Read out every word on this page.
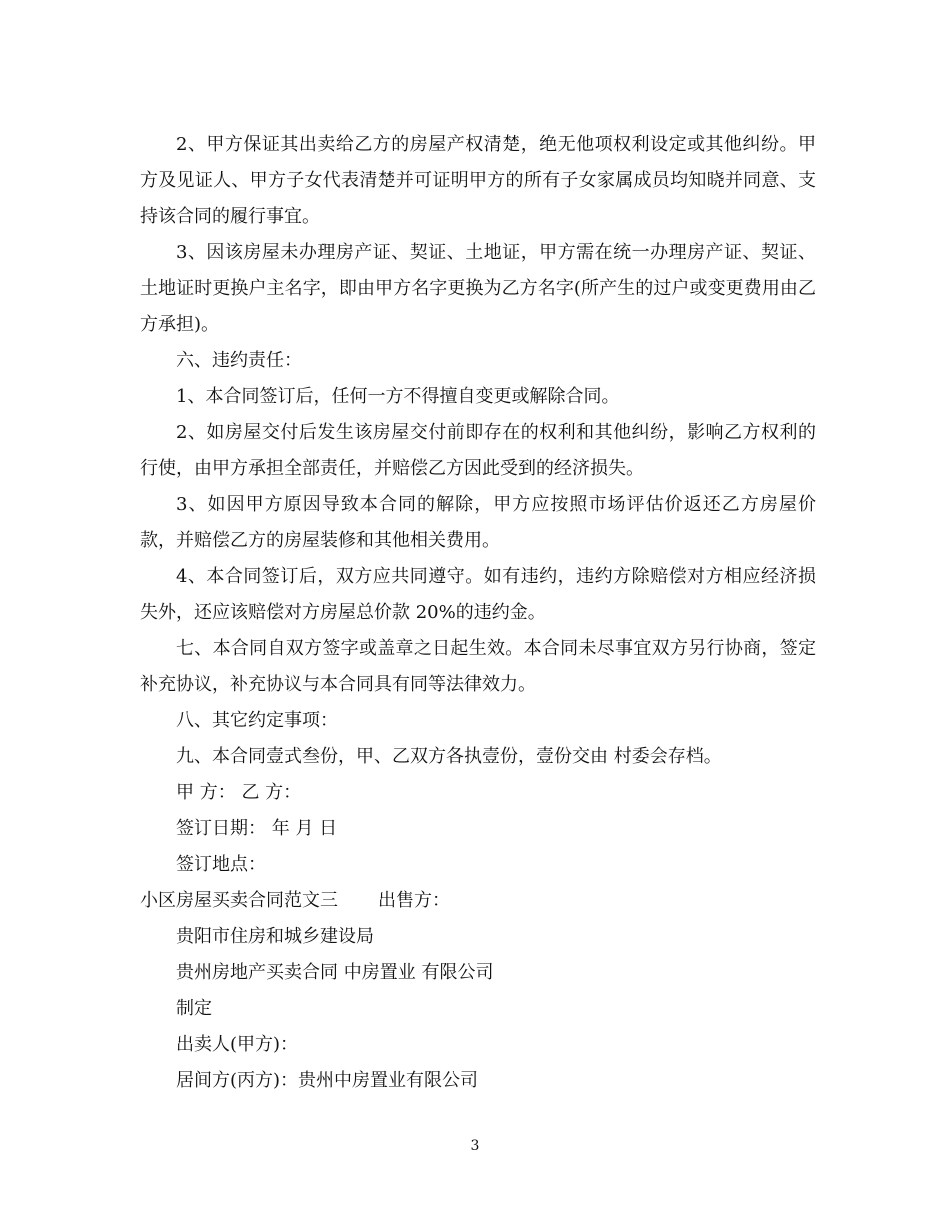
2、甲方保证其出卖给乙方的房屋产权清楚，绝无他项权利设定或其他纠纷。甲方及见证人、甲方子女代表清楚并可证明甲方的所有子女家属成员均知晓并同意、支持该合同的履行事宜。

3、因该房屋未办理房产证、契证、土地证，甲方需在统一办理房产证、契证、土地证时更换户主名字，即由甲方名字更换为乙方名字(所产生的过户或变更费用由乙方承担)。

六、违约责任：

1、本合同签订后，任何一方不得擅自变更或解除合同。

2、如房屋交付后发生该房屋交付前即存在的权利和其他纠纷，影响乙方权利的行使，由甲方承担全部责任，并赔偿乙方因此受到的经济损失。

3、如因甲方原因导致本合同的解除，甲方应按照市场评估价返还乙方房屋价款，并赔偿乙方的房屋装修和其他相关费用。

4、本合同签订后，双方应共同遵守。如有违约，违约方除赔偿对方相应经济损失外，还应该赔偿对方房屋总价款 20%的违约金。

七、本合同自双方签字或盖章之日起生效。本合同未尽事宜双方另行协商，签定补充协议，补充协议与本合同具有同等法律效力。

八、其它约定事项：

九、本合同壹式叁份，甲、乙双方各执壹份，壹份交由 村委会存档。

甲 方： 乙 方：

签订日期： 年 月 日

签订地点：

小区房屋买卖合同范文三 出售方：

贵阳市住房和城乡建设局

贵州房地产买卖合同 中房置业 有限公司

制定

出卖人(甲方)：

居间方(丙方)：贵州中房置业有限公司

3
